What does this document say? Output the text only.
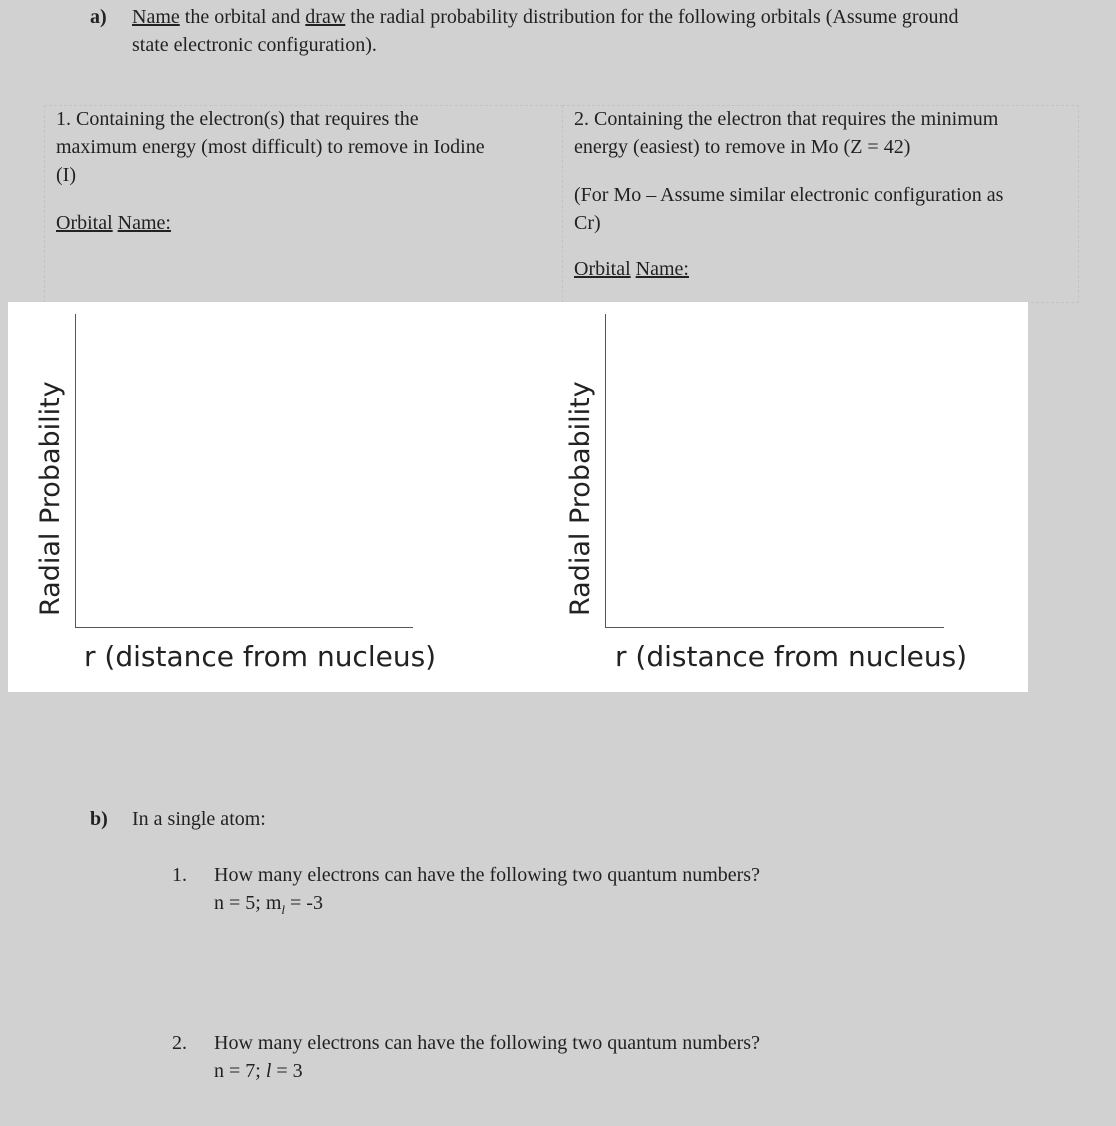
a) Name the orbital and draw the radial probability distribution for the following orbitals (Assume ground
state electronic configuration).
1. Containing the electron(s) that requires the
maximum energy (most difficult) to remove in Iodine
(I)
Orbital Name:
2. Containing the electron that requires the minimum
energy (easiest) to remove in Mo (Z = 42)
(For Mo – Assume similar electronic configuration as
Cr)
Orbital Name:
Radial Probability
r (distance from nucleus)
Radial Probability
r (distance from nucleus)
b) In a single atom:
1. How many electrons can have the following two quantum numbers?
n = 5; $m_l = -3$
2. How many electrons can have the following two quantum numbers?
n = 7; l = 3
